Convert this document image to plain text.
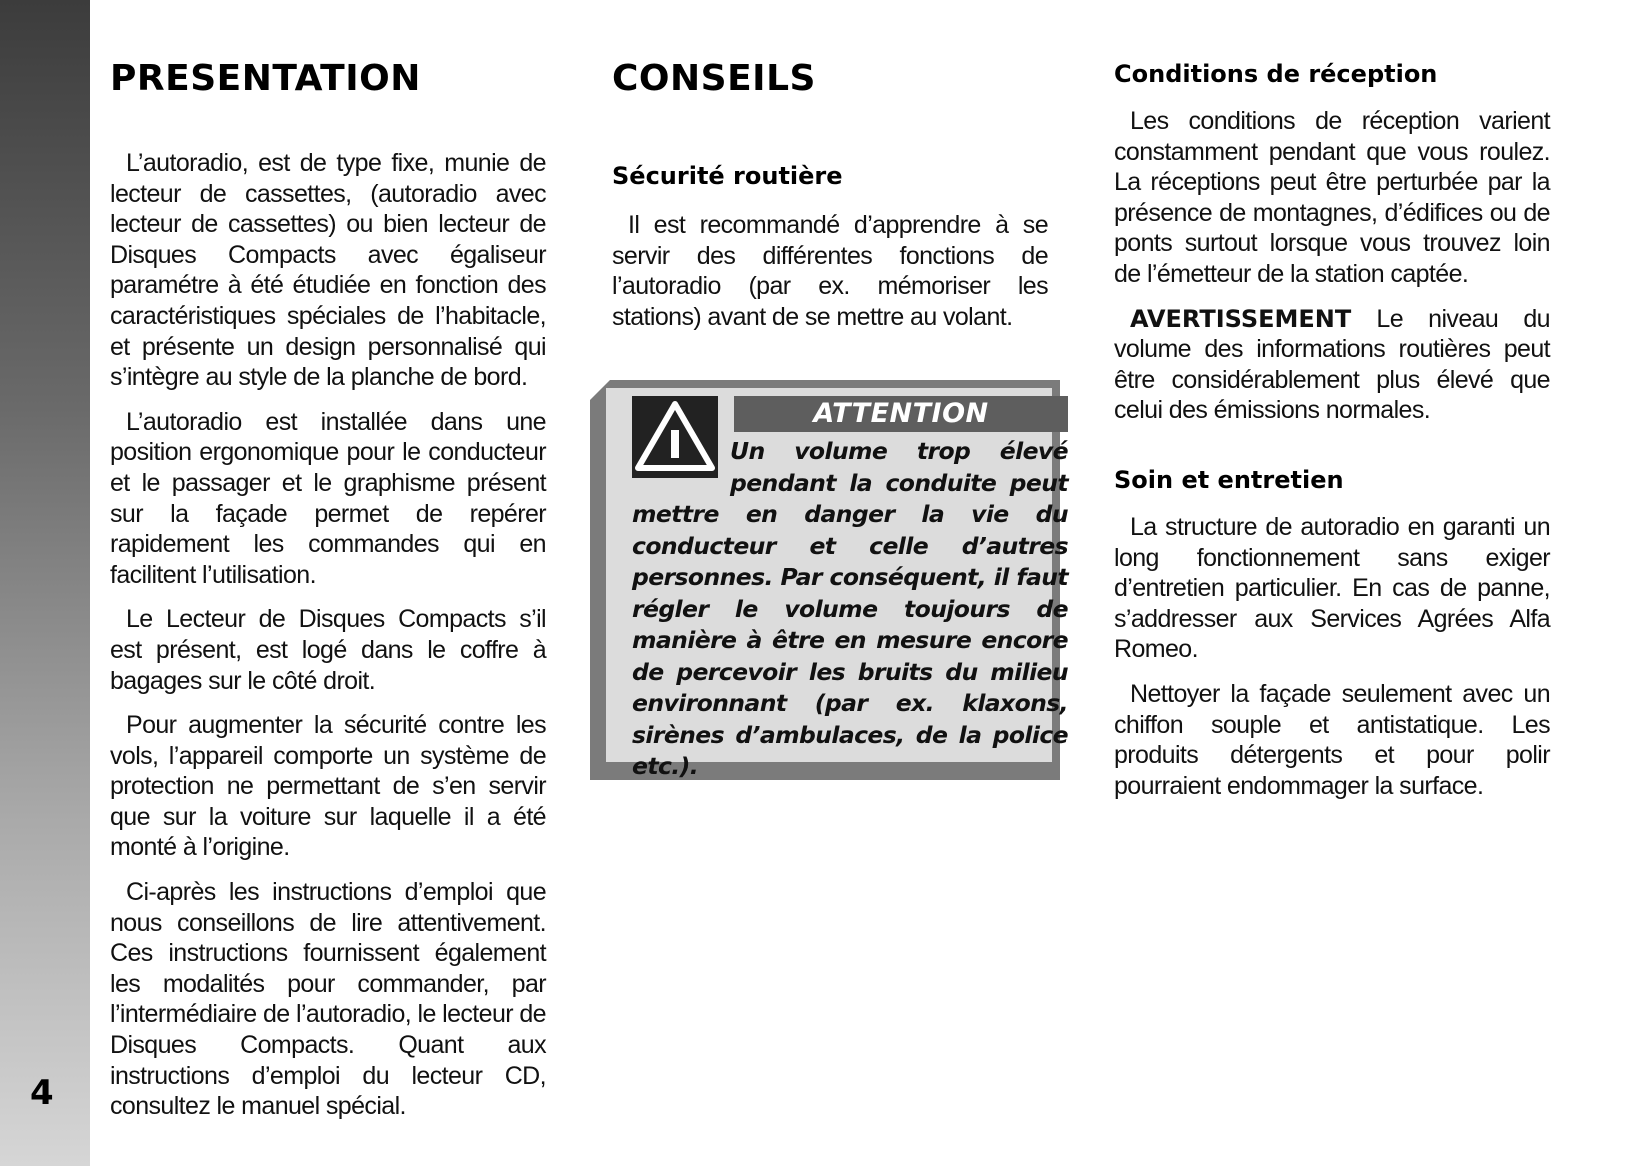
4
PRESENTATION

L’autoradio, est de type fixe, munie de lecteur de cassettes, (autoradio avec lecteur de cassettes) ou bien lecteur de Disques Compacts avec égaliseur paramétre à été étudiée en fonction des caractéristiques spéciales de l’habitacle, et présente un design personnalisé qui s’intègre au style de la planche de bord.

L’autoradio est installée dans une position ergonomique pour le conducteur et le passager et le graphisme présent sur la façade permet de repérer rapidement les commandes qui en facilitent l’utilisation.

Le Lecteur de Disques Compacts s’il est présent, est logé dans le coffre à bagages sur le côté droit.

Pour augmenter la sécurité contre les vols, l’appareil comporte un système de protection ne permettant de s’en servir que sur la voiture sur laquelle il a été monté à l’origine.

Ci-après les instructions d’emploi que nous conseillons de lire attentivement. Ces instructions fournissent également les modalités pour commander, par l’intermédiaire de l’autoradio, le lecteur de Disques Compacts. Quant aux instructions d’emploi du lecteur CD, consultez le manuel spécial.

CONSEILS
Sécurité routière

Il est recommandé d’apprendre à se servir des différentes fonctions de l’autoradio (par ex. mémoriser les stations) avant de se mettre au volant.

ATTENTION
Un volume trop élevé pendant la conduite peut mettre en danger la vie du conducteur et celle d’autres personnes. Par conséquent, il faut régler le volume toujours de manière à être en mesure encore de percevoir les bruits du milieu environnant (par ex. klaxons, sirènes d’ambulaces, de la police etc.).
Conditions de réception

Les conditions de réception varient constamment pendant que vous roulez. La réceptions peut être perturbée par la présence de montagnes, d’édifices ou de ponts surtout lorsque vous trouvez loin de l’émetteur de la station captée.

AVERTISSEMENT Le niveau du volume des informations routières peut être considérablement plus élevé que celui des émissions normales.

Soin et entretien

La structure de autoradio en garanti un long fonctionnement sans exiger d’entretien particulier. En cas de panne, s’addresser aux Services Agrées Alfa Romeo.

Nettoyer la façade seulement avec un chiffon souple et antistatique. Les produits détergents et pour polir pourraient endommager la surface.
